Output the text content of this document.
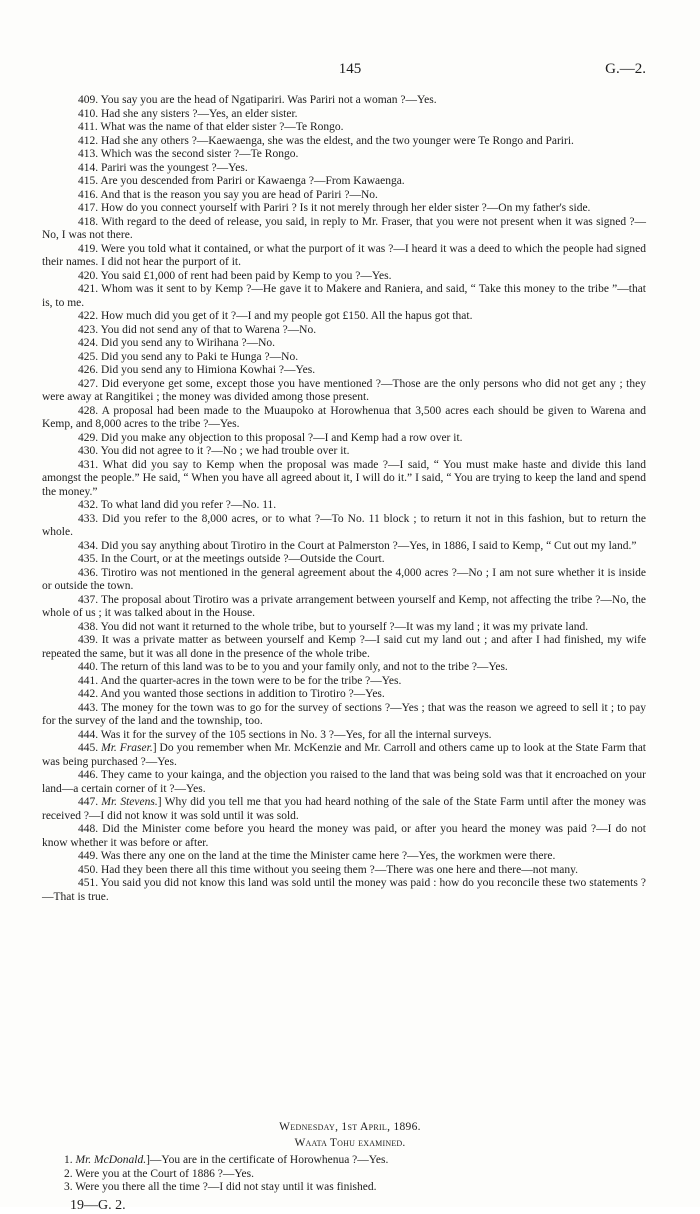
145	G.—2.

409. You say you are the head of Ngatipariri. Was Pariri not a woman ?—Yes.

410. Had she any sisters ?—Yes, an elder sister.

411. What was the name of that elder sister ?—Te Rongo.

412. Had she any others ?—Kaewaenga, she was the eldest, and the two younger were Te Rongo and Pariri.

413. Which was the second sister ?—Te Rongo.

414. Pariri was the youngest ?—Yes.

415. Are you descended from Pariri or Kawaenga ?—From Kawaenga.

416. And that is the reason you say you are head of Pariri ?—No.

417. How do you connect yourself with Pariri ? Is it not merely through her elder sister ?—On my father's side.

418. With regard to the deed of release, you said, in reply to Mr. Fraser, that you were not present when it was signed ?—No, I was not there.

419. Were you told what it contained, or what the purport of it was ?—I heard it was a deed to which the people had signed their names. I did not hear the purport of it.

420. You said £1,000 of rent had been paid by Kemp to you ?—Yes.

421. Whom was it sent to by Kemp ?—He gave it to Makere and Raniera, and said, “ Take this money to the tribe ”—that is, to me.

422. How much did you get of it ?—I and my people got £150. All the hapus got that.

423. You did not send any of that to Warena ?—No.

424. Did you send any to Wirihana ?—No.

425. Did you send any to Paki te Hunga ?—No.

426. Did you send any to Himiona Kowhai ?—Yes.

427. Did everyone get some, except those you have mentioned ?—Those are the only persons who did not get any ; they were away at Rangitikei ; the money was divided among those present.

428. A proposal had been made to the Muaupoko at Horowhenua that 3,500 acres each should be given to Warena and Kemp, and 8,000 acres to the tribe ?—Yes.

429. Did you make any objection to this proposal ?—I and Kemp had a row over it.

430. You did not agree to it ?—No ; we had trouble over it.

431. What did you say to Kemp when the proposal was made ?—I said, “ You must make haste and divide this land amongst the people.” He said, “ When you have all agreed about it, I will do it.” I said, “ You are trying to keep the land and spend the money.”

432. To what land did you refer ?—No. 11.

433. Did you refer to the 8,000 acres, or to what ?—To No. 11 block ; to return it not in this fashion, but to return the whole.

434. Did you say anything about Tirotiro in the Court at Palmerston ?—Yes, in 1886, I said to Kemp, “ Cut out my land.”

435. In the Court, or at the meetings outside ?—Outside the Court.

436. Tirotiro was not mentioned in the general agreement about the 4,000 acres ?—No ; I am not sure whether it is inside or outside the town.

437. The proposal about Tirotiro was a private arrangement between yourself and Kemp, not affecting the tribe ?—No, the whole of us ; it was talked about in the House.

438. You did not want it returned to the whole tribe, but to yourself ?—It was my land ; it was my private land.

439. It was a private matter as between yourself and Kemp ?—I said cut my land out ; and after I had finished, my wife repeated the same, but it was all done in the presence of the whole tribe.

440. The return of this land was to be to you and your family only, and not to the tribe ?—Yes.

441. And the quarter-acres in the town were to be for the tribe ?—Yes.

442. And you wanted those sections in addition to Tirotiro ?—Yes.

443. The money for the town was to go for the survey of sections ?—Yes ; that was the reason we agreed to sell it ; to pay for the survey of the land and the township, too.

444. Was it for the survey of the 105 sections in No. 3 ?—Yes, for all the internal surveys.

445. Mr. Fraser.] Do you remember when Mr. McKenzie and Mr. Carroll and others came up to look at the State Farm that was being purchased ?—Yes.

446. They came to your kainga, and the objection you raised to the land that was being sold was that it encroached on your land—a certain corner of it ?—Yes.

447. Mr. Stevens.] Why did you tell me that you had heard nothing of the sale of the State Farm until after the money was received ?—I did not know it was sold until it was sold.

448. Did the Minister come before you heard the money was paid, or after you heard the money was paid ?—I do not know whether it was before or after.

449. Was there any one on the land at the time the Minister came here ?—Yes, the workmen were there.

450. Had they been there all this time without you seeing them ?—There was one here and there—not many.

451. You said you did not know this land was sold until the money was paid : how do you reconcile these two statements ?—That is true.

Wednesday, 1st April, 1896.
Waata Tohu examined.

1. Mr. McDonald.]—You are in the certificate of Horowhenua ?—Yes.

2. Were you at the Court of 1886 ?—Yes.

3. Were you there all the time ?—I did not stay until it was finished.

19—G. 2.
